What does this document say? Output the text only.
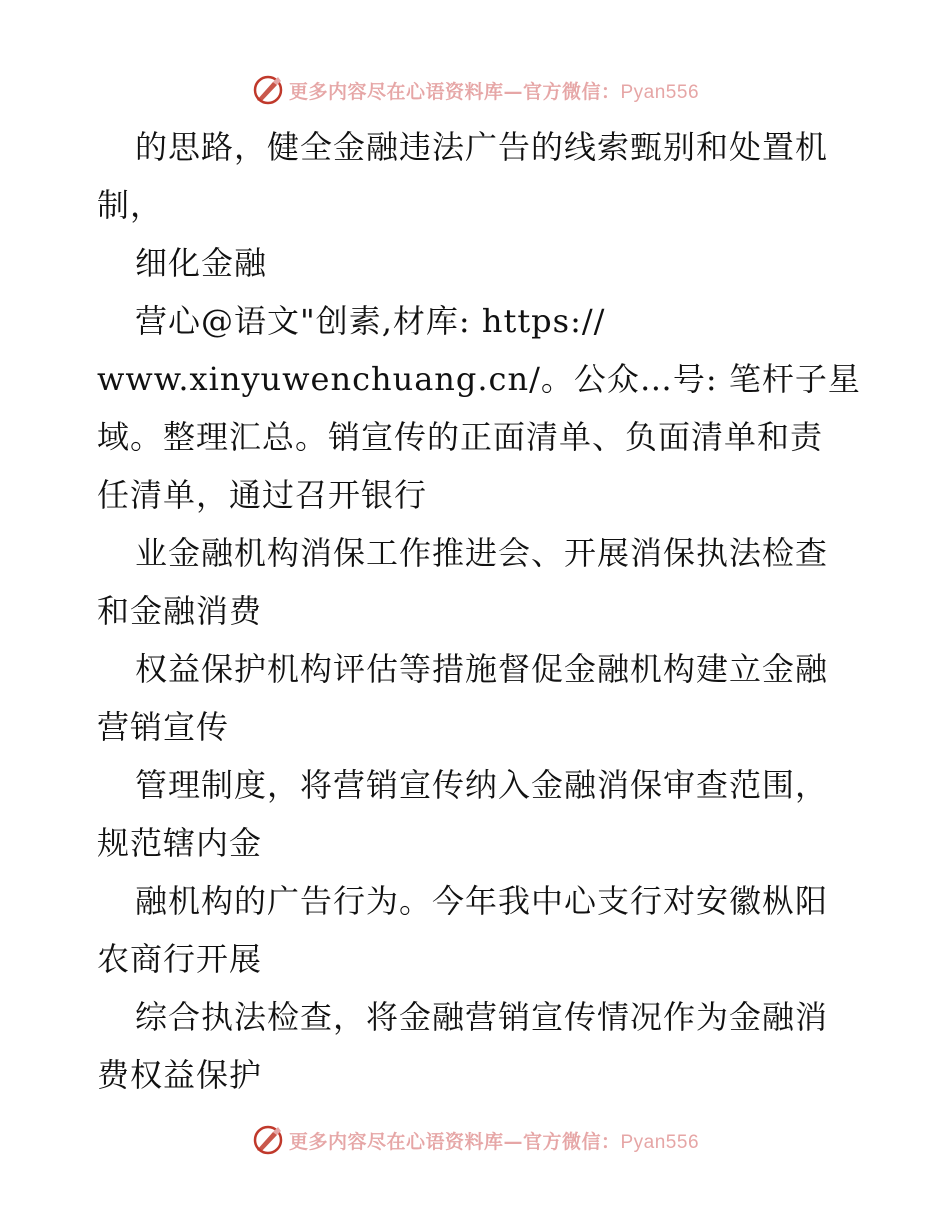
更多内容尽在心语资料库—官方微信：Pyan556

的思路，健全金融违法广告的线索甄别和处置机
制，

细化金融

营心@语文"创素,材库: https://
www.xinyuwenchuang.cn/。公众…号: 笔杆子星
域。整理汇总。销宣传的正面清单、负面清单和责
任清单，通过召开银行

业金融机构消保工作推进会、开展消保执法检查
和金融消费

权益保护机构评估等措施督促金融机构建立金融
营销宣传

管理制度，将营销宣传纳入金融消保审查范围，
规范辖内金

融机构的广告行为。今年我中心支行对安徽枞阳
农商行开展

综合执法检查，将金融营销宣传情况作为金融消
费权益保护

更多内容尽在心语资料库—官方微信：Pyan556
